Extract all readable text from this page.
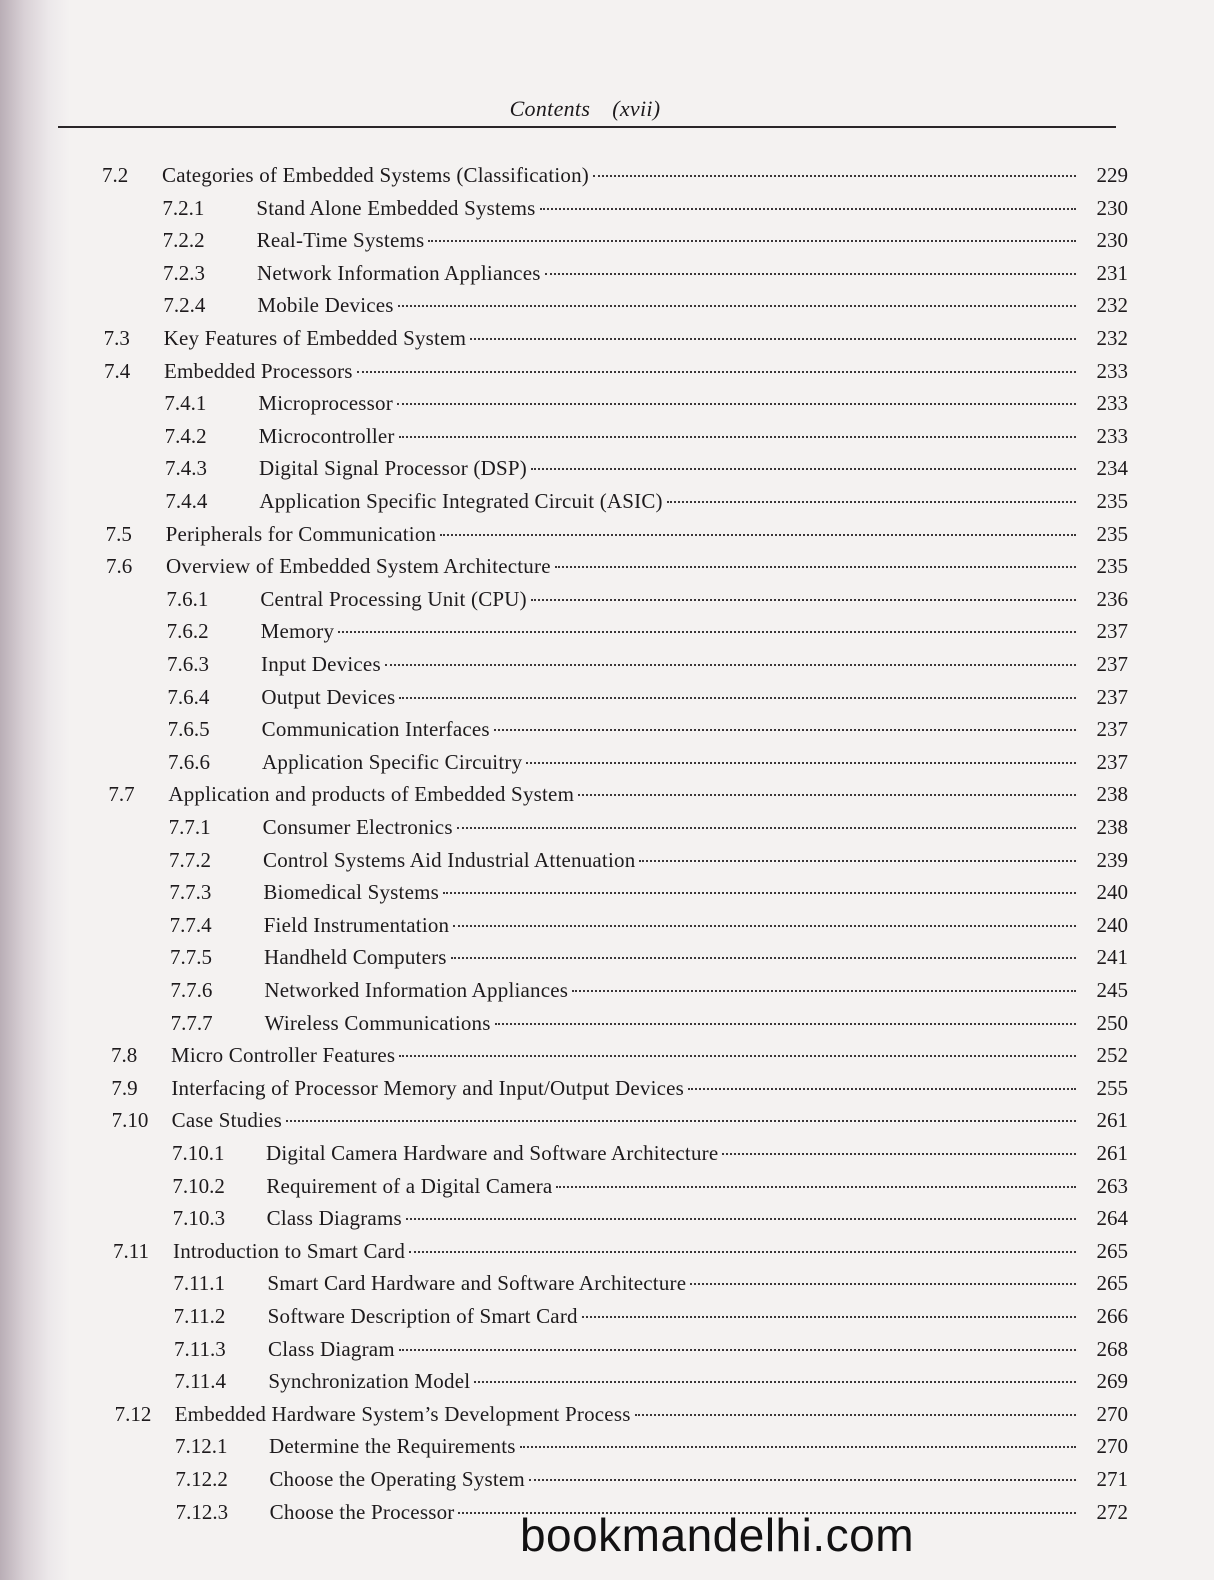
Contents (xvii)
7.2	Categories of Embedded Systems (Classification)	229
7.2.1	Stand Alone Embedded Systems	230
7.2.2	Real-Time Systems	230
7.2.3	Network Information Appliances	231
7.2.4	Mobile Devices	232
7.3	Key Features of Embedded System	232
7.4	Embedded Processors	233
7.4.1	Microprocessor	233
7.4.2	Microcontroller	233
7.4.3	Digital Signal Processor (DSP)	234
7.4.4	Application Specific Integrated Circuit (ASIC)	235
7.5	Peripherals for Communication	235
7.6	Overview of Embedded System Architecture	235
7.6.1	Central Processing Unit (CPU)	236
7.6.2	Memory	237
7.6.3	Input Devices	237
7.6.4	Output Devices	237
7.6.5	Communication Interfaces	237
7.6.6	Application Specific Circuitry	237
7.7	Application and products of Embedded System	238
7.7.1	Consumer Electronics	238
7.7.2	Control Systems Aid Industrial Attenuation	239
7.7.3	Biomedical Systems	240
7.7.4	Field Instrumentation	240
7.7.5	Handheld Computers	241
7.7.6	Networked Information Appliances	245
7.7.7	Wireless Communications	250
7.8	Micro Controller Features	252
7.9	Interfacing of Processor Memory and Input/Output Devices	255
7.10	Case Studies	261
7.10.1	Digital Camera Hardware and Software Architecture	261
7.10.2	Requirement of a Digital Camera	263
7.10.3	Class Diagrams	264
7.11	Introduction to Smart Card	265
7.11.1	Smart Card Hardware and Software Architecture	265
7.11.2	Software Description of Smart Card	266
7.11.3	Class Diagram	268
7.11.4	Synchronization Model	269
7.12	Embedded Hardware System’s Development Process	270
7.12.1	Determine the Requirements	270
7.12.2	Choose the Operating System	271
7.12.3	Choose the Processor	272
bookmandelhi.com
